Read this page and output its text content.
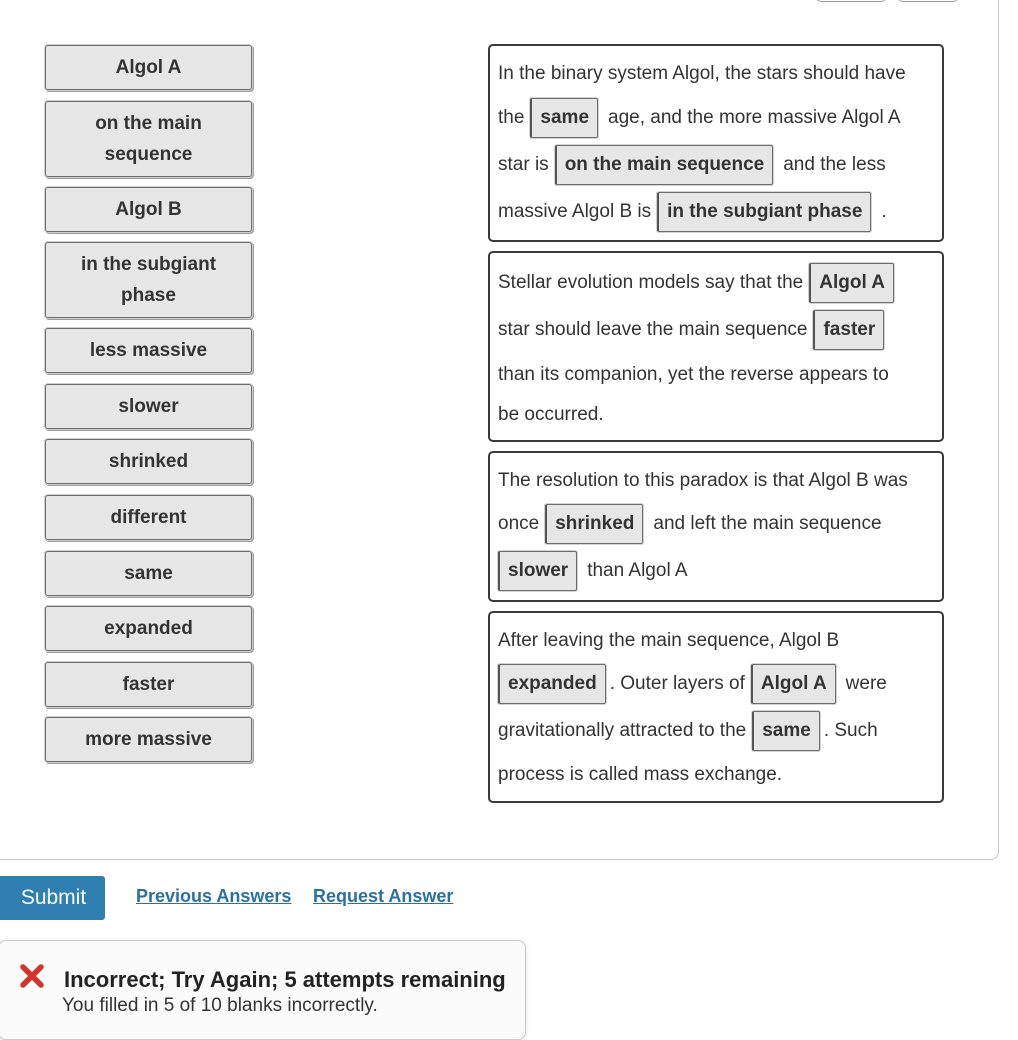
Algol A
on the main sequence
Algol B
in the subgiant phase
less massive
slower
shrinked
different
same
expanded
faster
more massive
In the binary system Algol, the stars should have
the same	age, and the more massive Algol A
star is on the main sequence	and the less
massive Algol B is in the subgiant phase	.
Stellar evolution models say that the Algol A
star should leave the main sequence faster
than its companion, yet the reverse appears to
be occurred.
The resolution to this paradox is that Algol B was
once shrinked	and left the main sequence
slower	than Algol A
After leaving the main sequence, Algol B
expanded . Outer layers of Algol A	were
gravitationally attracted to the same . Such
process is called mass exchange.
Submit	Previous Answers Request Answer
Incorrect; Try Again; 5 attempts remaining
You filled in 5 of 10 blanks incorrectly.
